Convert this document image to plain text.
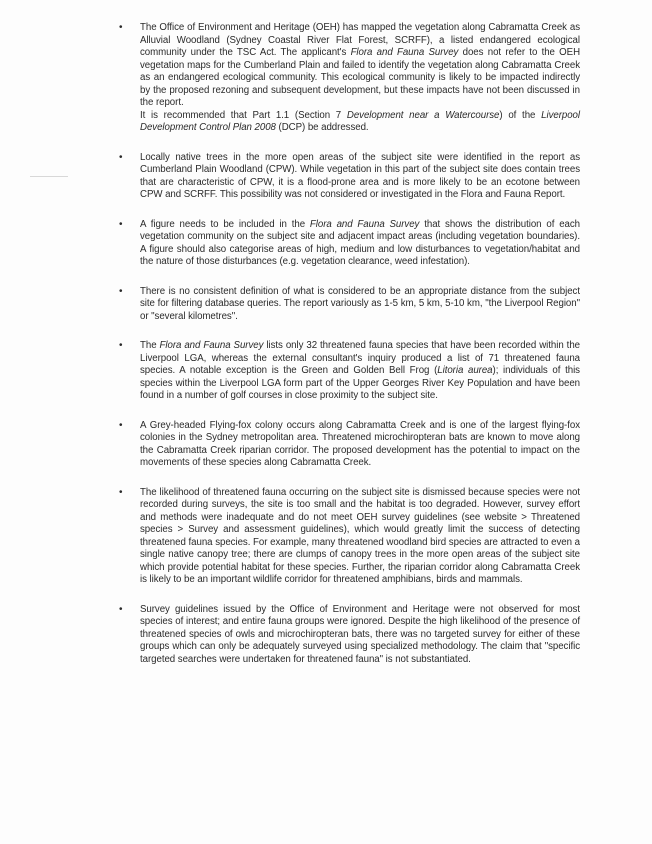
• The Office of Environment and Heritage (OEH) has mapped the vegetation along Cabramatta Creek as Alluvial Woodland (Sydney Coastal River Flat Forest, SCRFF), a listed endangered ecological community under the TSC Act. The applicant's Flora and Fauna Survey does not refer to the OEH vegetation maps for the Cumberland Plain and failed to identify the vegetation along Cabramatta Creek as an endangered ecological community. This ecological community is likely to be impacted indirectly by the proposed rezoning and subsequent development, but these impacts have not been discussed in the report.

It is recommended that Part 1.1 (Section 7 Development near a Watercourse) of the Liverpool Development Control Plan 2008 (DCP) be addressed.

• Locally native trees in the more open areas of the subject site were identified in the report as Cumberland Plain Woodland (CPW). While vegetation in this part of the subject site does contain trees that are characteristic of CPW, it is a flood-prone area and is more likely to be an ecotone between CPW and SCRFF. This possibility was not considered or investigated in the Flora and Fauna Report.

• A figure needs to be included in the Flora and Fauna Survey that shows the distribution of each vegetation community on the subject site and adjacent impact areas (including vegetation boundaries). A figure should also categorise areas of high, medium and low disturbances to vegetation/habitat and the nature of those disturbances (e.g. vegetation clearance, weed infestation).

• There is no consistent definition of what is considered to be an appropriate distance from the subject site for filtering database queries. The report variously as 1-5 km, 5 km, 5-10 km, "the Liverpool Region" or "several kilometres".

• The Flora and Fauna Survey lists only 32 threatened fauna species that have been recorded within the Liverpool LGA, whereas the external consultant's inquiry produced a list of 71 threatened fauna species. A notable exception is the Green and Golden Bell Frog (Litoria aurea); individuals of this species within the Liverpool LGA form part of the Upper Georges River Key Population and have been found in a number of golf courses in close proximity to the subject site.

• A Grey-headed Flying-fox colony occurs along Cabramatta Creek and is one of the largest flying-fox colonies in the Sydney metropolitan area. Threatened microchiropteran bats are known to move along the Cabramatta Creek riparian corridor. The proposed development has the potential to impact on the movements of these species along Cabramatta Creek.

• The likelihood of threatened fauna occurring on the subject site is dismissed because species were not recorded during surveys, the site is too small and the habitat is too degraded. However, survey effort and methods were inadequate and do not meet OEH survey guidelines (see website > Threatened species > Survey and assessment guidelines), which would greatly limit the success of detecting threatened fauna species. For example, many threatened woodland bird species are attracted to even a single native canopy tree; there are clumps of canopy trees in the more open areas of the subject site which provide potential habitat for these species. Further, the riparian corridor along Cabramatta Creek is likely to be an important wildlife corridor for threatened amphibians, birds and mammals.

• Survey guidelines issued by the Office of Environment and Heritage were not observed for most species of interest; and entire fauna groups were ignored. Despite the high likelihood of the presence of threatened species of owls and microchiropteran bats, there was no targeted survey for either of these groups which can only be adequately surveyed using specialized methodology. The claim that "specific targeted searches were undertaken for threatened fauna" is not substantiated.
